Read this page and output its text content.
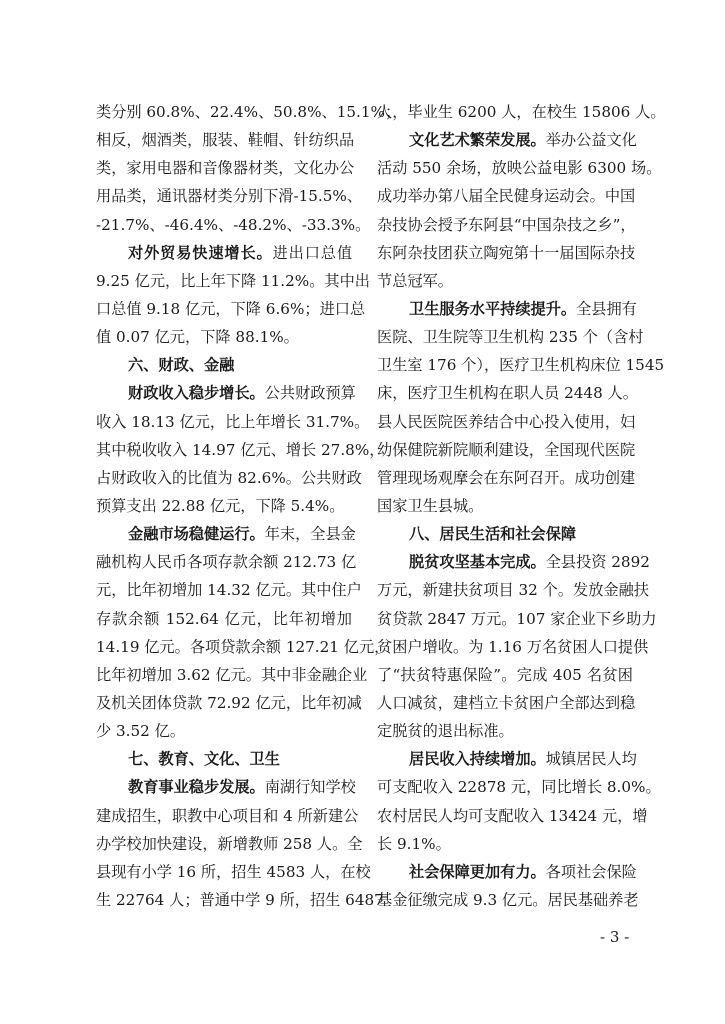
类分别 60.8%、22.4%、50.8%、15.1%；
相反，烟酒类，服装、鞋帽、针纺织品
类，家用电器和音像器材类，文化办公
用品类，通讯器材类分别下滑-15.5%、
-21.7%、-46.4%、-48.2%、-33.3%。
对外贸易快速增长。进出口总值
9.25 亿元，比上年下降 11.2%。其中出
口总值 9.18 亿元，下降 6.6%；进口总
值 0.07 亿元，下降 88.1%。
六、财政、金融
财政收入稳步增长。公共财政预算
收入 18.13 亿元，比上年增长 31.7%。
其中税收收入 14.97 亿元、增长 27.8%，
占财政收入的比值为 82.6%。公共财政
预算支出 22.88 亿元，下降 5.4%。
金融市场稳健运行。年末，全县金
融机构人民币各项存款余额 212.73 亿
元，比年初增加 14.32 亿元。其中住户
存款余额 152.64 亿元，比年初增加
14.19 亿元。各项贷款余额 127.21 亿元，
比年初增加 3.62 亿元。其中非金融企业
及机关团体贷款 72.92 亿元，比年初减
少 3.52 亿。
七、教育、文化、卫生
教育事业稳步发展。南湖行知学校
建成招生，职教中心项目和 4 所新建公
办学校加快建设，新增教师 258 人。全
县现有小学 16 所，招生 4583 人，在校
生 22764 人；普通中学 9 所，招生 6487
人，毕业生 6200 人，在校生 15806 人。
文化艺术繁荣发展。举办公益文化
活动 550 余场，放映公益电影 6300 场。
成功举办第八届全民健身运动会。中国
杂技协会授予东阿县“中国杂技之乡”，
东阿杂技团获立陶宛第十一届国际杂技
节总冠军。
卫生服务水平持续提升。全县拥有
医院、卫生院等卫生机构 235 个（含村
卫生室 176 个），医疗卫生机构床位 1545
床，医疗卫生机构在职人员 2448 人。
县人民医院医养结合中心投入使用，妇
幼保健院新院顺利建设，全国现代医院
管理现场观摩会在东阿召开。成功创建
国家卫生县城。
八、居民生活和社会保障
脱贫攻坚基本完成。全县投资 2892
万元，新建扶贫项目 32 个。发放金融扶
贫贷款 2847 万元。107 家企业下乡助力
贫困户增收。为 1.16 万名贫困人口提供
了“扶贫特惠保险”。完成 405 名贫困
人口减贫，建档立卡贫困户全部达到稳
定脱贫的退出标准。
居民收入持续增加。城镇居民人均
可支配收入 22878 元，同比增长 8.0%。
农村居民人均可支配收入 13424 元，增
长 9.1%。
社会保障更加有力。各项社会保险
基金征缴完成 9.3 亿元。居民基础养老
- 3 -
